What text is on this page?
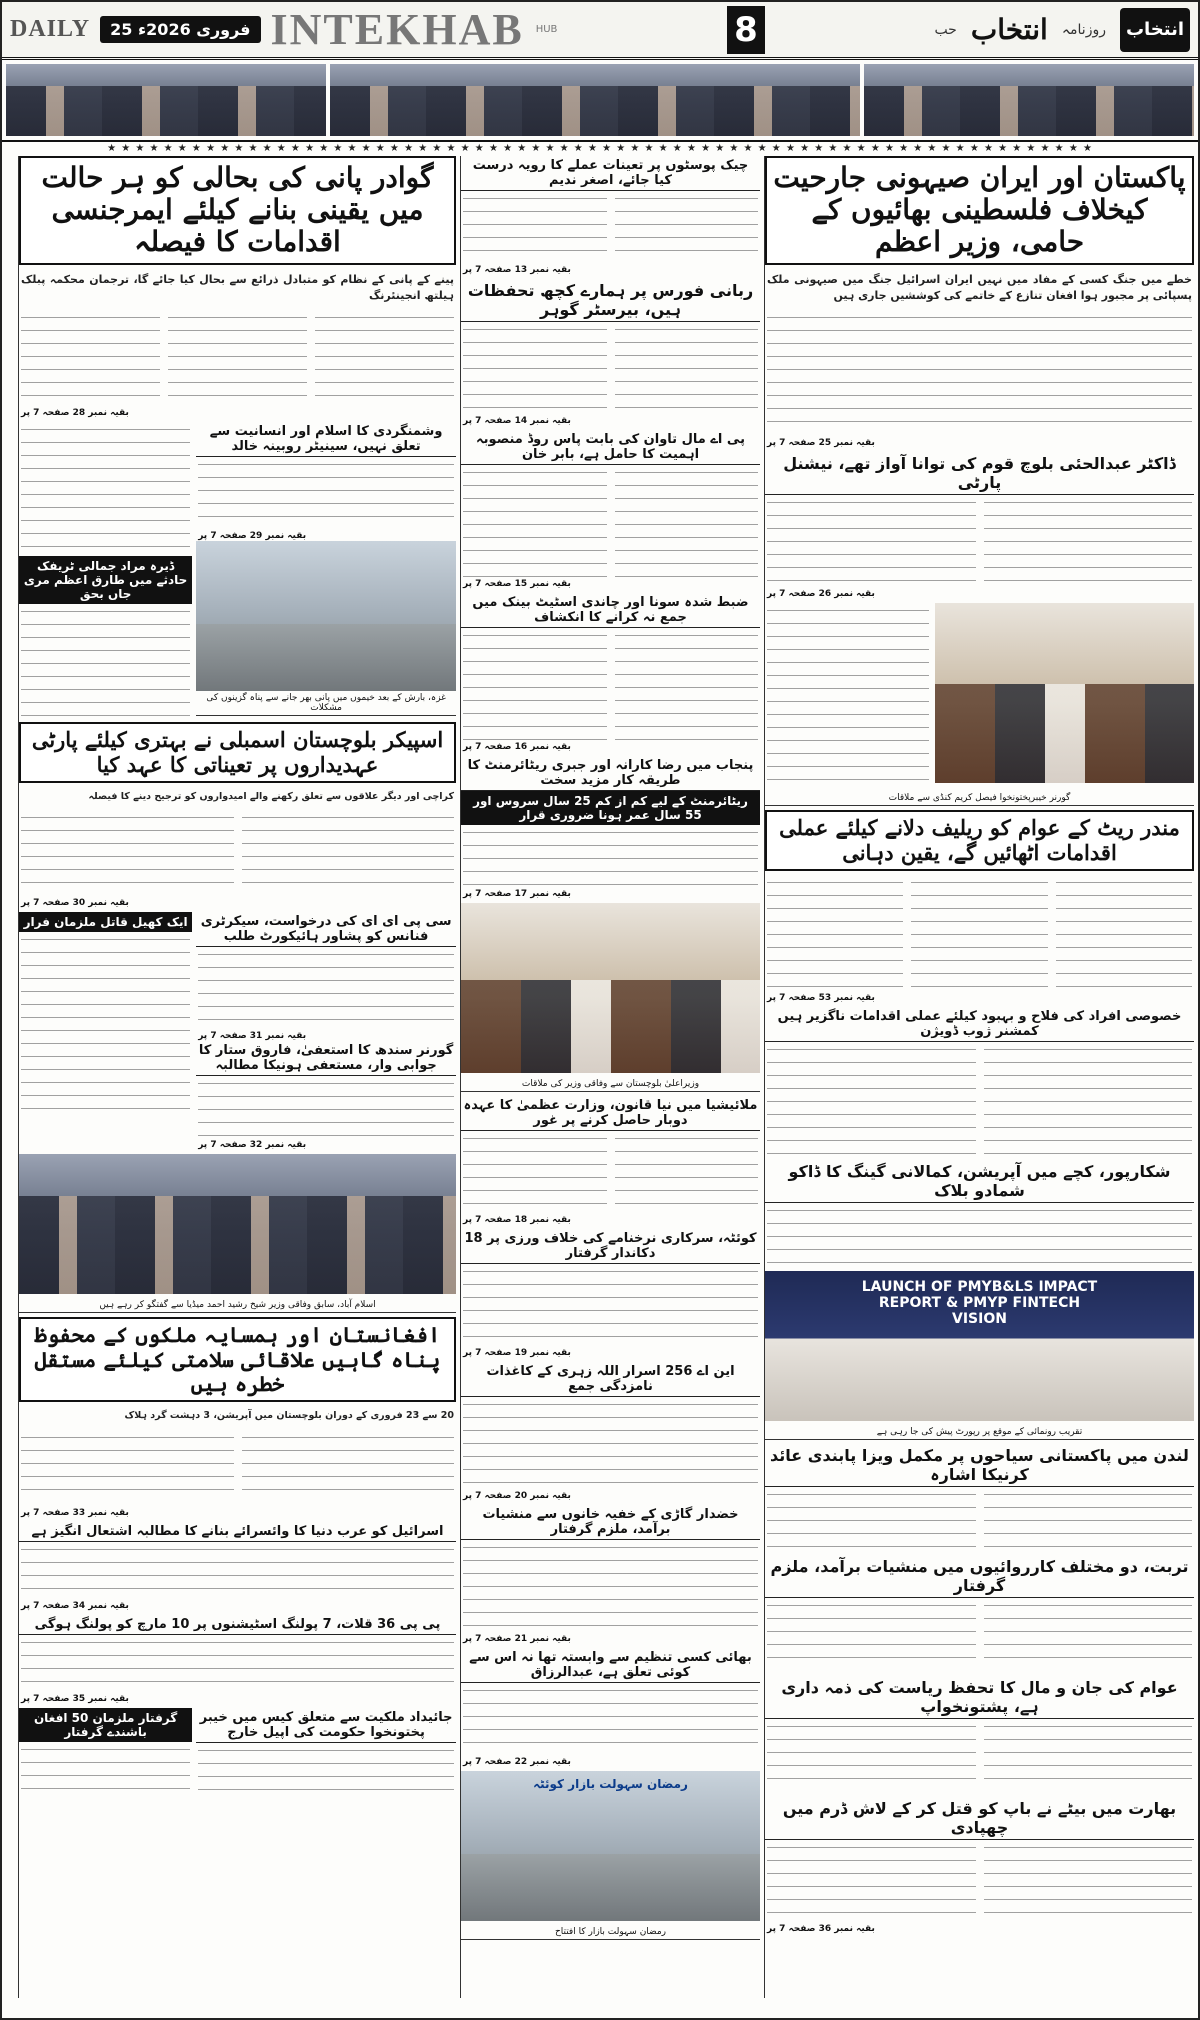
DAILY	25 فروری 2026ء INTEKHAB HUB	8	انتخاب
روزنامہ
انتخاب
حب
★ ★ ★ ★ ★ ★ ★ ★ ★ ★ ★ ★ ★ ★ ★ ★ ★ ★ ★ ★ ★ ★ ★ ★ ★ ★ ★ ★ ★ ★ ★ ★ ★ ★ ★ ★ ★ ★ ★ ★ ★ ★ ★ ★ ★ ★ ★ ★ ★ ★ ★ ★ ★ ★ ★ ★ ★ ★ ★ ★ ★ ★ ★ ★ ★ ★ ★ ★ ★ ★
پاکستان اور ایران صیہونی جارحیت کیخلاف فلسطینی بھائیوں کے حامی، وزیر اعظم
خطے میں جنگ کسی کے مفاد میں نہیں ایران اسرائیل جنگ میں صیہونی ملک پسپائی پر مجبور ہوا افغان تنازع کے خاتمے کی کوششیں جاری ہیں
بقیہ نمبر 25 صفحہ 7 پر
ڈاکٹر عبدالحئی بلوچ قوم کی توانا آواز تھے، نیشنل پارٹی
بقیہ نمبر 26 صفحہ 7 پر
گورنر خیبرپختونخوا فیصل کریم کنڈی سے ملاقات
مندر ریٹ کے عوام کو ریلیف دلانے کیلئے عملی اقدامات اٹھائیں گے، یقین دہانی
بقیہ نمبر 53 صفحہ 7 پر
خصوصی افراد کی فلاح و بہبود کیلئے عملی اقدامات ناگزیر ہیں کمشنر ژوب ڈویژن
شکارپور، کچے میں آپریشن، کمالانی گینگ کا ڈاکو شمادو بلاک
LAUNCH OF PMYB&LS IMPACT REPORT & PMYP FINTECH VISION
تقریب رونمائی کے موقع پر رپورٹ پیش کی جا رہی ہے
لندن میں پاکستانی سیاحوں پر مکمل ویزا پابندی عائد کرنیکا اشارہ
تربت، دو مختلف کارروائیوں میں منشیات برآمد، ملزم گرفتار
عوام کی جان و مال کا تحفظ ریاست کی ذمہ داری ہے، پشتونخواپ
بھارت میں بیٹے نے باپ کو قتل کر کے لاش ڈرم میں چھپادی
بقیہ نمبر 36 صفحہ 7 پر
چیک پوسٹوں پر تعینات عملے کا رویہ درست کیا جائے، اصغر ندیم
بقیہ نمبر 13 صفحہ 7 پر
ربانی فورس پر ہمارے کچھ تحفظات ہیں، بیرسٹر گوہر
بقیہ نمبر 14 صفحہ 7 پر
پی اے مال تاوان کی بابت پاس روڈ منصوبہ اہمیت کا حامل ہے، بابر خان
بقیہ نمبر 15 صفحہ 7 پر
ضبط شدہ سونا اور چاندی اسٹیٹ بینک میں جمع نہ کرانے کا انکشاف
بقیہ نمبر 16 صفحہ 7 پر
پنجاب میں رضا کارانہ اور جبری ریٹائرمنٹ کا طریقہ کار مزید سخت
ریٹائرمنٹ کے لیے کم از کم 25 سال سروس اور 55 سال عمر ہونا ضروری قرار
بقیہ نمبر 17 صفحہ 7 پر
وزیراعلیٰ بلوچستان سے وفاقی وزیر کی ملاقات
ملائیشیا میں نیا قانون، وزارت عظمیٰ کا عہدہ دوبار حاصل کرنے پر غور
بقیہ نمبر 18 صفحہ 7 پر
کوئٹہ، سرکاری نرخنامے کی خلاف ورزی پر 18 دکاندار گرفتار
بقیہ نمبر 19 صفحہ 7 پر
این اے 256 اسرار اللہ زہری کے کاغذات نامزدگی جمع
بقیہ نمبر 20 صفحہ 7 پر
خضدار گاڑی کے خفیہ خانوں سے منشیات برآمد، ملزم گرفتار
بقیہ نمبر 21 صفحہ 7 پر
بھائی کسی تنظیم سے وابستہ تھا نہ اس سے کوئی تعلق ہے، عبدالرزاق
بقیہ نمبر 22 صفحہ 7 پر
رمضان سہولت بازار کوئٹہ
رمضان سہولت بازار کا افتتاح
گوادر پانی کی بحالی کو ہر حالت میں یقینی بنانے کیلئے ایمرجنسی اقدامات کا فیصلہ
پینے کے پانی کے نظام کو متبادل ذرائع سے بحال کیا جائے گا، ترجمان محکمہ پبلک ہیلتھ انجینئرنگ
بقیہ نمبر 28 صفحہ 7 پر
وشمنگردی کا اسلام اور انسانیت سے تعلق نہیں، سینیٹر روبینہ خالد
بقیہ نمبر 29 صفحہ 7 پر
غزہ، بارش کے بعد خیموں میں پانی بھر جانے سے پناہ گزینوں کی مشکلات
ڈیرہ مراد جمالی ٹریفک حادثے میں طارق اعظم مری جاں بحق
اسپیکر بلوچستان اسمبلی نے بہتری کیلئے پارٹی عہدیداروں پر تعیناتی کا عہد کیا
کراچی اور دیگر علاقوں سے تعلق رکھنے والے امیدواروں کو ترجیح دینے کا فیصلہ
بقیہ نمبر 30 صفحہ 7 پر
سی پی ای ای کی درخواست، سیکرٹری فنانس کو پشاور ہائیکورٹ طلب
بقیہ نمبر 31 صفحہ 7 پر
گورنر سندھ کا استعفیٰ، فاروق ستار کا جوابی وار، مستعفی ہونیکا مطالبہ
بقیہ نمبر 32 صفحہ 7 پر
ایک کھیل قاتل ملزمان فرار
اسلام آباد، سابق وفاقی وزیر شیخ رشید احمد میڈیا سے گفتگو کر رہے ہیں
افغانستان اور ہمسایہ ملکوں کے محفوظ پناہ گاہیں علاقائی سلامتی کیلئے مستقل خطرہ ہیں
20 سے 23 فروری کے دوران بلوچستان میں آپریشن، 3 دہشت گرد ہلاک
بقیہ نمبر 33 صفحہ 7 پر
اسرائیل کو عرب دنیا کا وائسرائے بنانے کا مطالبہ اشتعال انگیز ہے
بقیہ نمبر 34 صفحہ 7 پر
پی پی 36 قلات، 7 پولنگ اسٹیشنوں پر 10 مارچ کو پولنگ ہوگی
بقیہ نمبر 35 صفحہ 7 پر
جائیداد ملکیت سے متعلق کیس میں خیبر پختونخوا حکومت کی اپیل خارج
گرفتار ملزمان 50 افغان باشندے گرفتار
